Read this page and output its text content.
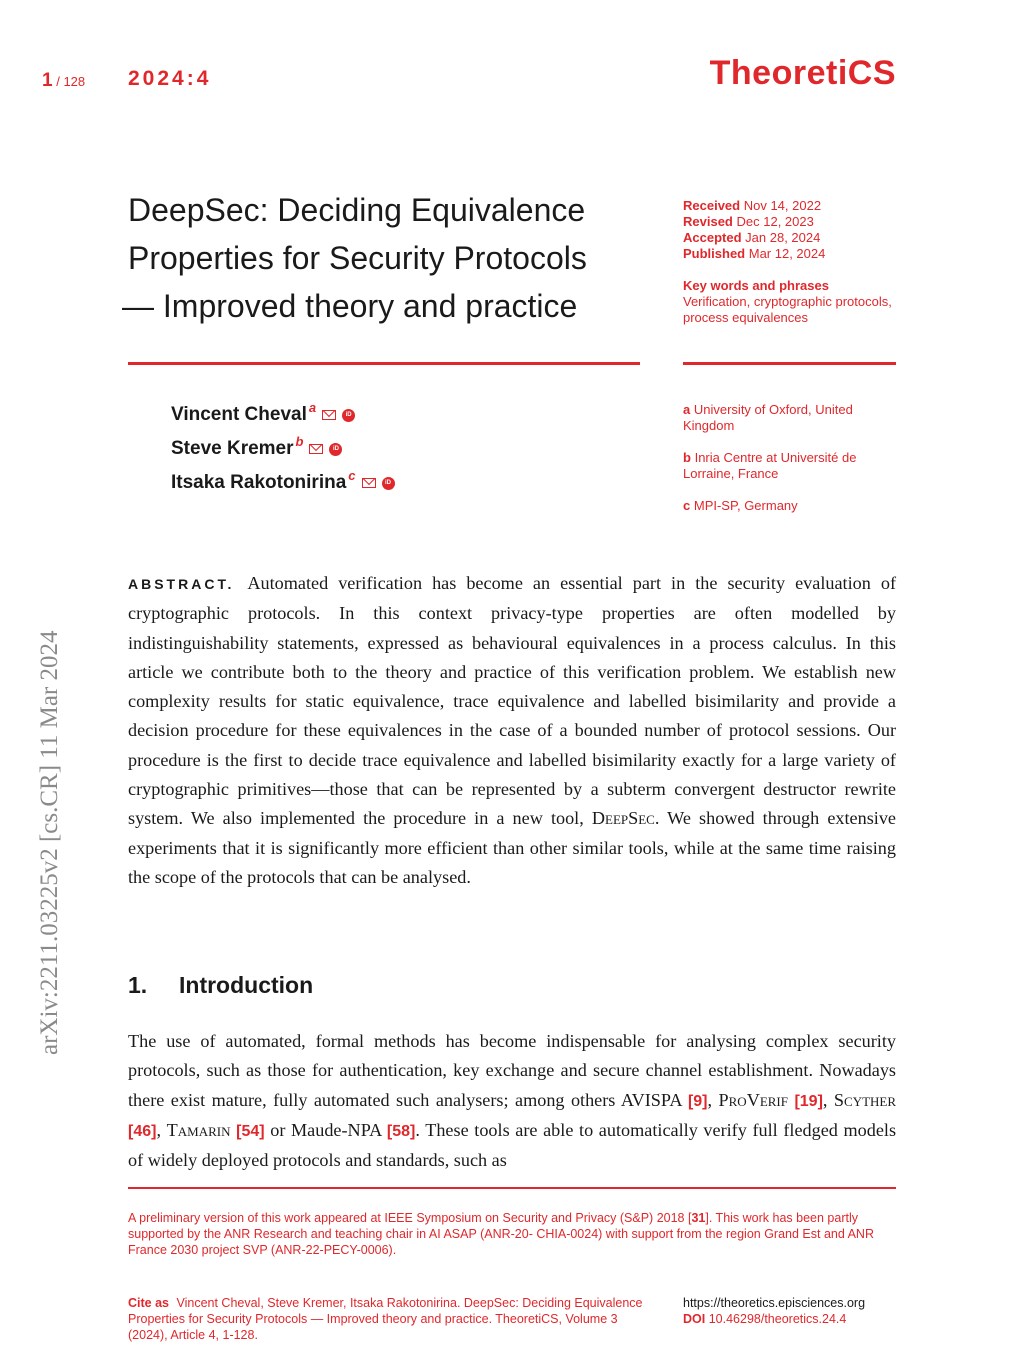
1 / 128 2024:4	TheoretiCS
arXiv:2211.03225v2 [cs.CR] 11 Mar 2024
DeepSec: Deciding Equivalence
Properties for Security Protocols
— Improved theory and practice
Received Nov 14, 2022
Revised Dec 12, 2023
Accepted Jan 28, 2024
Published Mar 12, 2024
Key words and phrases
Verification, cryptographic protocols, process equivalences
Vincent Cheval$^a$	iD
Steve Kremer$^b$	iD
Itsaka Rakotonirina$^c$	iD
a University of Oxford, United Kingdom
b Inria Centre at Université de Lorraine, France
c MPI-SP, Germany

ABSTRACT. Automated verification has become an essential part in the security evaluation of cryptographic protocols. In this context privacy-type properties are often modelled by indistinguishability statements, expressed as behavioural equivalences in a process calculus. In this article we contribute both to the theory and practice of this verification problem. We establish new complexity results for static equivalence, trace equivalence and labelled bisimilarity and provide a decision procedure for these equivalences in the case of a bounded number of protocol sessions. Our procedure is the first to decide trace equivalence and labelled bisimilarity exactly for a large variety of cryptographic primitives—those that can be represented by a subterm convergent destructor rewrite system. We also implemented the procedure in a new tool, DeepSec. We showed through extensive experiments that it is significantly more efficient than other similar tools, while at the same time raising the scope of the protocols that can be analysed.

1. Introduction

The use of automated, formal methods has become indispensable for analysing complex security protocols, such as those for authentication, key exchange and secure channel establishment. Nowadays there exist mature, fully automated such analysers; among others AVISPA [9], ProVerif [19], Scyther [46], Tamarin [54] or Maude-NPA [58]. These tools are able to automatically verify full fledged models of widely deployed protocols and standards, such as

A preliminary version of this work appeared at IEEE Symposium on Security and Privacy (S&P) 2018 [31]. This work has been partly supported by the ANR Research and teaching chair in AI ASAP (ANR-20- CHIA-0024) with support from the region Grand Est and ANR France 2030 project SVP (ANR-22-PECY-0006).

Cite as Vincent Cheval, Steve Kremer, Itsaka Rakotonirina. DeepSec: Deciding Equivalence Properties for Security Protocols — Improved theory and practice. TheoretiCS, Volume 3 (2024), Article 4, 1-128.

https://theoretics.episciences.org
DOI 10.46298/theoretics.24.4
